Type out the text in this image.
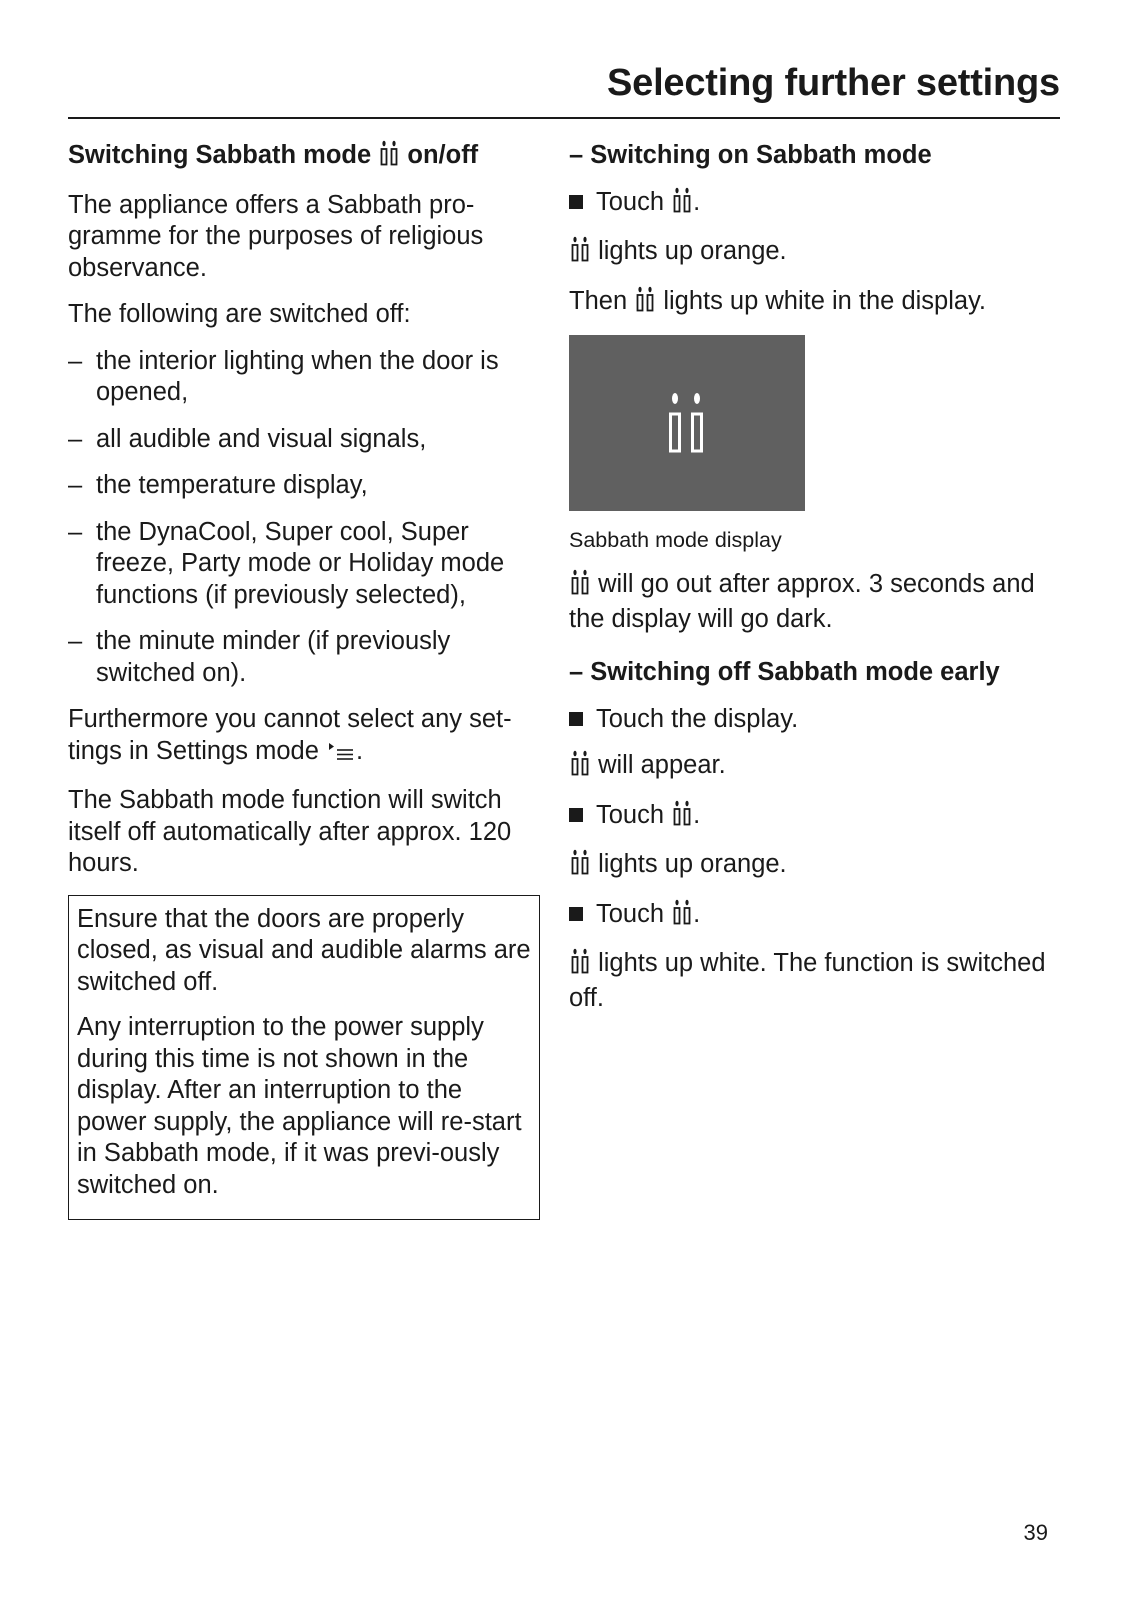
Selecting further settings

Switching Sabbath mode on/off

The appliance offers a Sabbath pro-gramme for the purposes of religious observance.

The following are switched off:

– the interior lighting when the door is opened,
– all audible and visual signals,
– the temperature display,
– the DynaCool, Super cool, Super freeze, Party mode or Holiday mode functions (if previously selected),
– the minute minder (if previously switched on).

Furthermore you cannot select any set-tings in Settings mode .

The Sabbath mode function will switch itself off automatically after approx. 120 hours.

Ensure that the doors are properly closed, as visual and audible alarms are switched off.

Any interruption to the power supply during this time is not shown in the display. After an interruption to the power supply, the appliance will re-start in Sabbath mode, if it was previ-ously switched on.

– Switching on Sabbath mode

Touch .

lights up orange.

Then lights up white in the display.

Sabbath mode display

will go out after approx. 3 seconds and the display will go dark.

– Switching off Sabbath mode early

Touch the display.

will appear.

Touch .

lights up orange.

Touch .

lights up white. The function is switched off.

39
